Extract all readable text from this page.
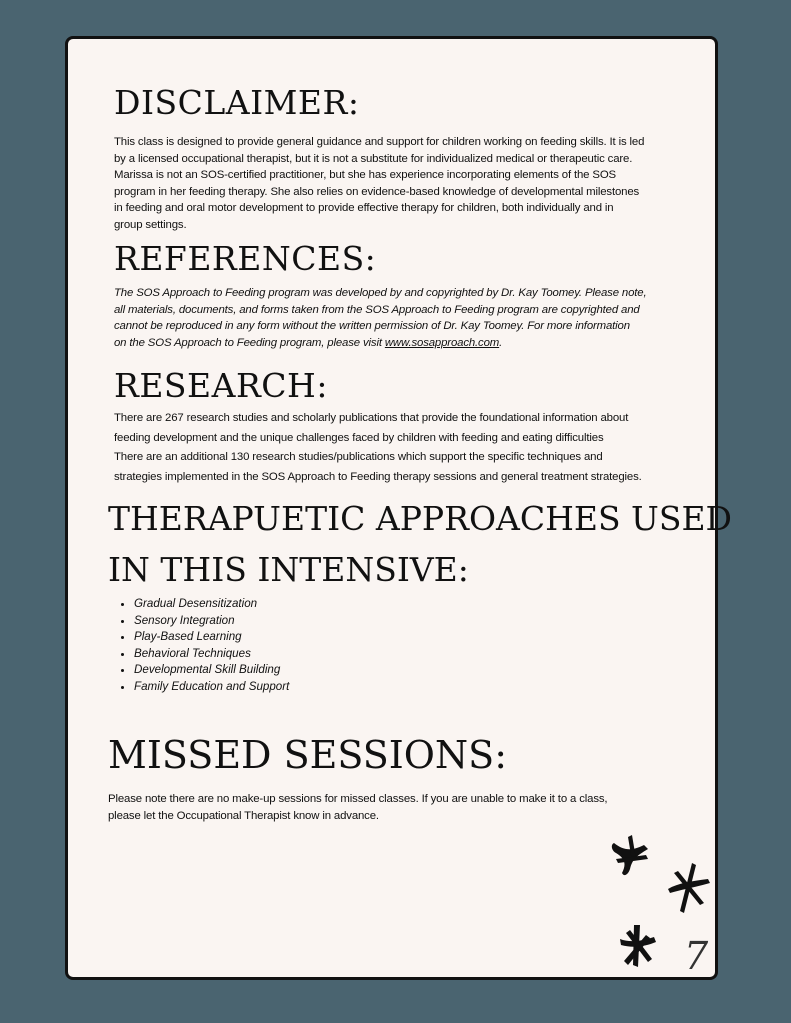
DISCLAIMER:

This class is designed to provide general guidance and support for children working on feeding skills. It is led
by a licensed occupational therapist, but it is not a substitute for individualized medical or therapeutic care.
Marissa is not an SOS-certified practitioner, but she has experience incorporating elements of the SOS
program in her feeding therapy. She also relies on evidence-based knowledge of developmental milestones
in feeding and oral motor development to provide effective therapy for children, both individually and in
group settings.

REFERENCES:

The SOS Approach to Feeding program was developed by and copyrighted by Dr. Kay Toomey. Please note,
all materials, documents, and forms taken from the SOS Approach to Feeding program are copyrighted and
cannot be reproduced in any form without the written permission of Dr. Kay Toomey. For more information
on the SOS Approach to Feeding program, please visit www.sosapproach.com.

RESEARCH:

There are 267 research studies and scholarly publications that provide the foundational information about
feeding development and the unique challenges faced by children with feeding and eating difficulties
There are an additional 130 research studies/publications which support the specific techniques and
strategies implemented in the SOS Approach to Feeding therapy sessions and general treatment strategies.

THERAPUETIC APPROACHES USED
IN THIS INTENSIVE:
• Gradual Desensitization
• Sensory Integration
• Play-Based Learning
• Behavioral Techniques
• Developmental Skill Building
• Family Education and Support
MISSED SESSIONS:

Please note there are no make-up sessions for missed classes. If you are unable to make it to a class,
please let the Occupational Therapist know in advance.

7
